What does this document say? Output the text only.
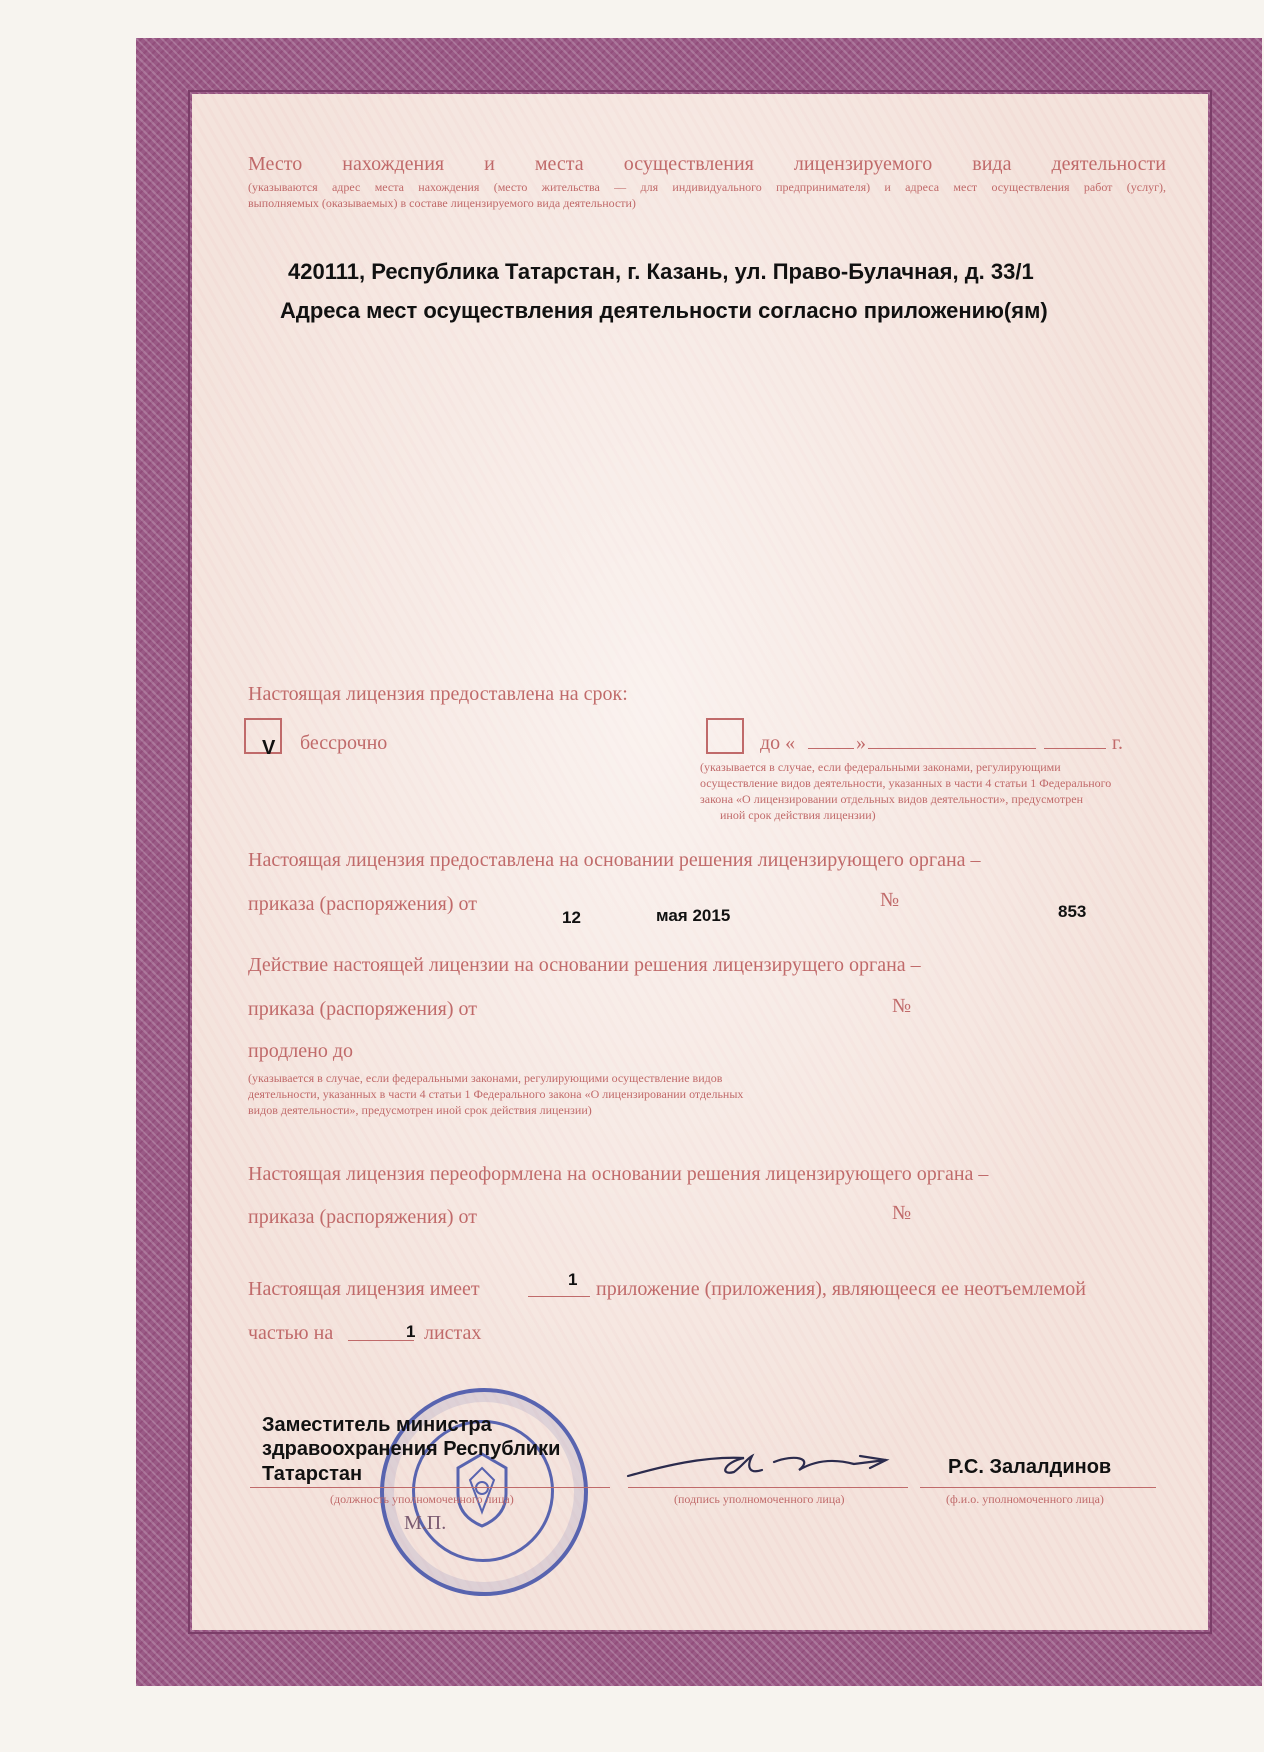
Место нахождения и места осуществления лицензируемого вида деятельности
(указываются адрес места нахождения (место жительства — для индивидуального предпринимателя) и адреса мест осуществления работ (услуг),
выполняемых (оказываемых) в составе лицензируемого вида деятельности)
420111, Республика Татарстан, г. Казань, ул. Право-Булачная, д. 33/1
Адреса мест осуществления деятельности согласно приложению(ям)
Настоящая лицензия предоставлена на срок:
V бессрочно	до «	»	г.
(указывается в случае, если федеральными законами, регулирующими
осуществление видов деятельности, указанных в части 4 статьи 1 Федерального
закона «О лицензировании отдельных видов деятельности», предусмотрен
иной срок действия лицензии)
Настоящая лицензия предоставлена на основании решения лицензирующего органа –
приказа (распоряжения) от
12	мая 2015
№
853
Действие настоящей лицензии на основании решения лицензирущего органа –
приказа (распоряжения) от	№
продлено до
(указывается в случае, если федеральными законами, регулирующими осуществление видов
деятельности, указанных в части 4 статьи 1 Федерального закона «О лицензировании отдельных
видов деятельности», предусмотрен иной срок действия лицензии)
Настоящая лицензия переоформлена на основании решения лицензирующего органа –
приказа (распоряжения) от	№
Настоящая лицензия имеет	1 приложение (приложения), являющееся ее неотъемлемой
частью на	1 листах
М.П.
Заместитель министра
здравоохранения Республики
Татарстан
(должность уполномоченного лица)	(подпись уполномоченного лица)
Р.С. Залалдинов
(ф.и.о. уполномоченного лица)
